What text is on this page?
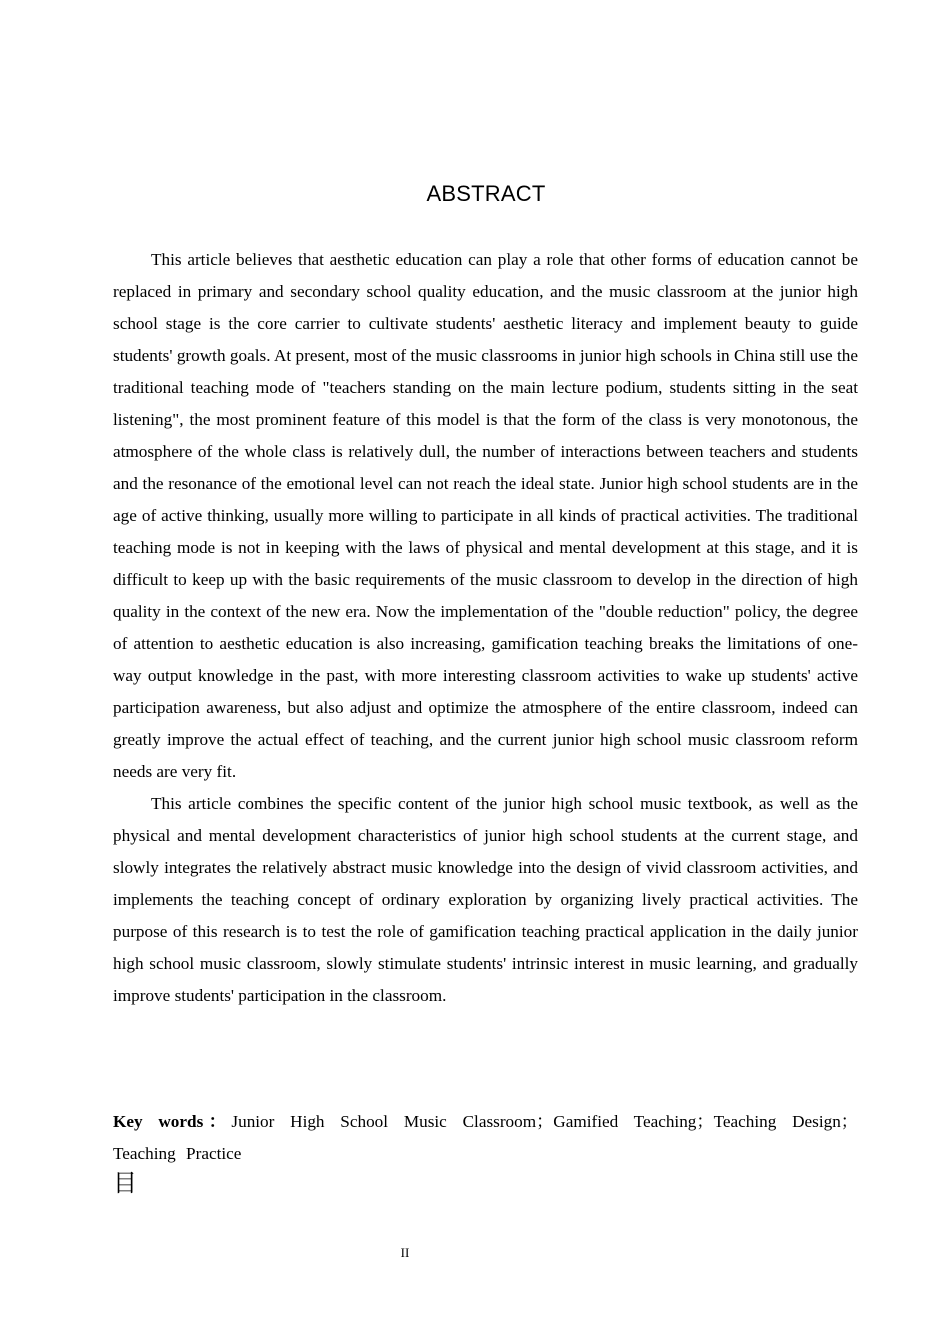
ABSTRACT

This article believes that aesthetic education can play a role that other forms of education cannot be replaced in primary and secondary school quality education, and the music classroom at the junior high school stage is the core carrier to cultivate students' aesthetic literacy and implement beauty to guide students' growth goals. At present, most of the music classrooms in junior high schools in China still use the traditional teaching mode of "teachers standing on the main lecture podium, students sitting in the seat listening", the most prominent feature of this model is that the form of the class is very monotonous, the atmosphere of the whole class is relatively dull, the number of interactions between teachers and students and the resonance of the emotional level can not reach the ideal state. Junior high school students are in the age of active thinking, usually more willing to participate in all kinds of practical activities. The traditional teaching mode is not in keeping with the laws of physical and mental development at this stage, and it is difficult to keep up with the basic requirements of the music classroom to develop in the direction of high quality in the context of the new era. Now the implementation of the "double reduction" policy, the degree of attention to aesthetic education is also increasing, gamification teaching breaks the limitations of one-way output knowledge in the past, with more interesting classroom activities to wake up students' active participation awareness, but also adjust and optimize the atmosphere of the entire classroom, indeed can greatly improve the actual effect of teaching, and the current junior high school music classroom reform needs are very fit.

This article combines the specific content of the junior high school music textbook, as well as the physical and mental development characteristics of junior high school students at the current stage, and slowly integrates the relatively abstract music knowledge into the design of vivid classroom activities, and implements the teaching concept of ordinary exploration by organizing lively practical activities. The purpose of this research is to test the role of gamification teaching practical application in the daily junior high school music classroom, slowly stimulate students' intrinsic interest in music learning, and gradually improve students' participation in the classroom.

Key words：Junior High School Music Classroom；Gamified Teaching；Teaching Design；Teaching Practice
目
II
